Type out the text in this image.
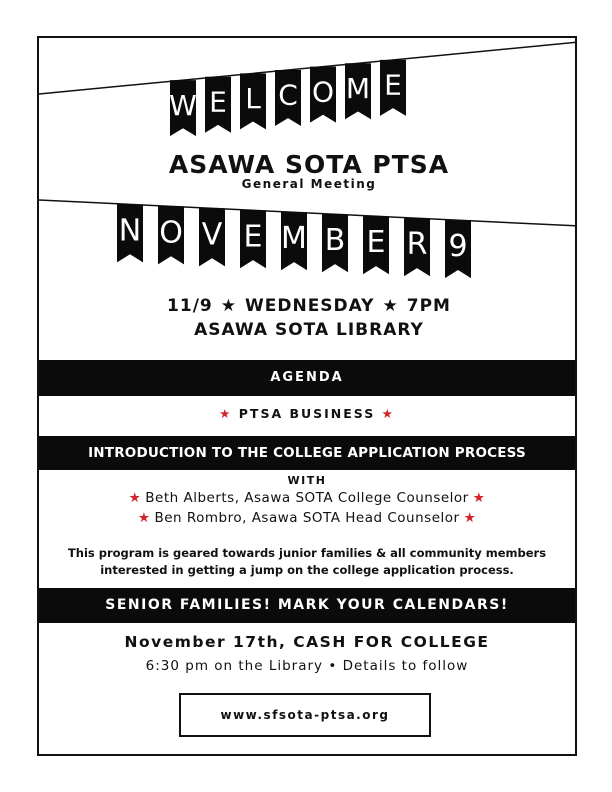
W E L C O M E
N O V E M B E R 9
ASAWA SOTA PTSA
General Meeting
11/9 ★ WEDNESDAY ★ 7PM
ASAWA SOTA LIBRARY
AGENDA
★ PTSA BUSINESS ★
INTRODUCTION TO THE COLLEGE APPLICATION PROCESS
WITH
★ Beth Alberts, Asawa SOTA College Counselor ★
★ Ben Rombro, Asawa SOTA Head Counselor ★
This program is geared towards junior families & all community members
interested in getting a jump on the college application process.
SENIOR FAMILIES! MARK YOUR CALENDARS!
November 17th, CASH FOR COLLEGE
6:30 pm on the Library • Details to follow
www.sfsota-ptsa.org
